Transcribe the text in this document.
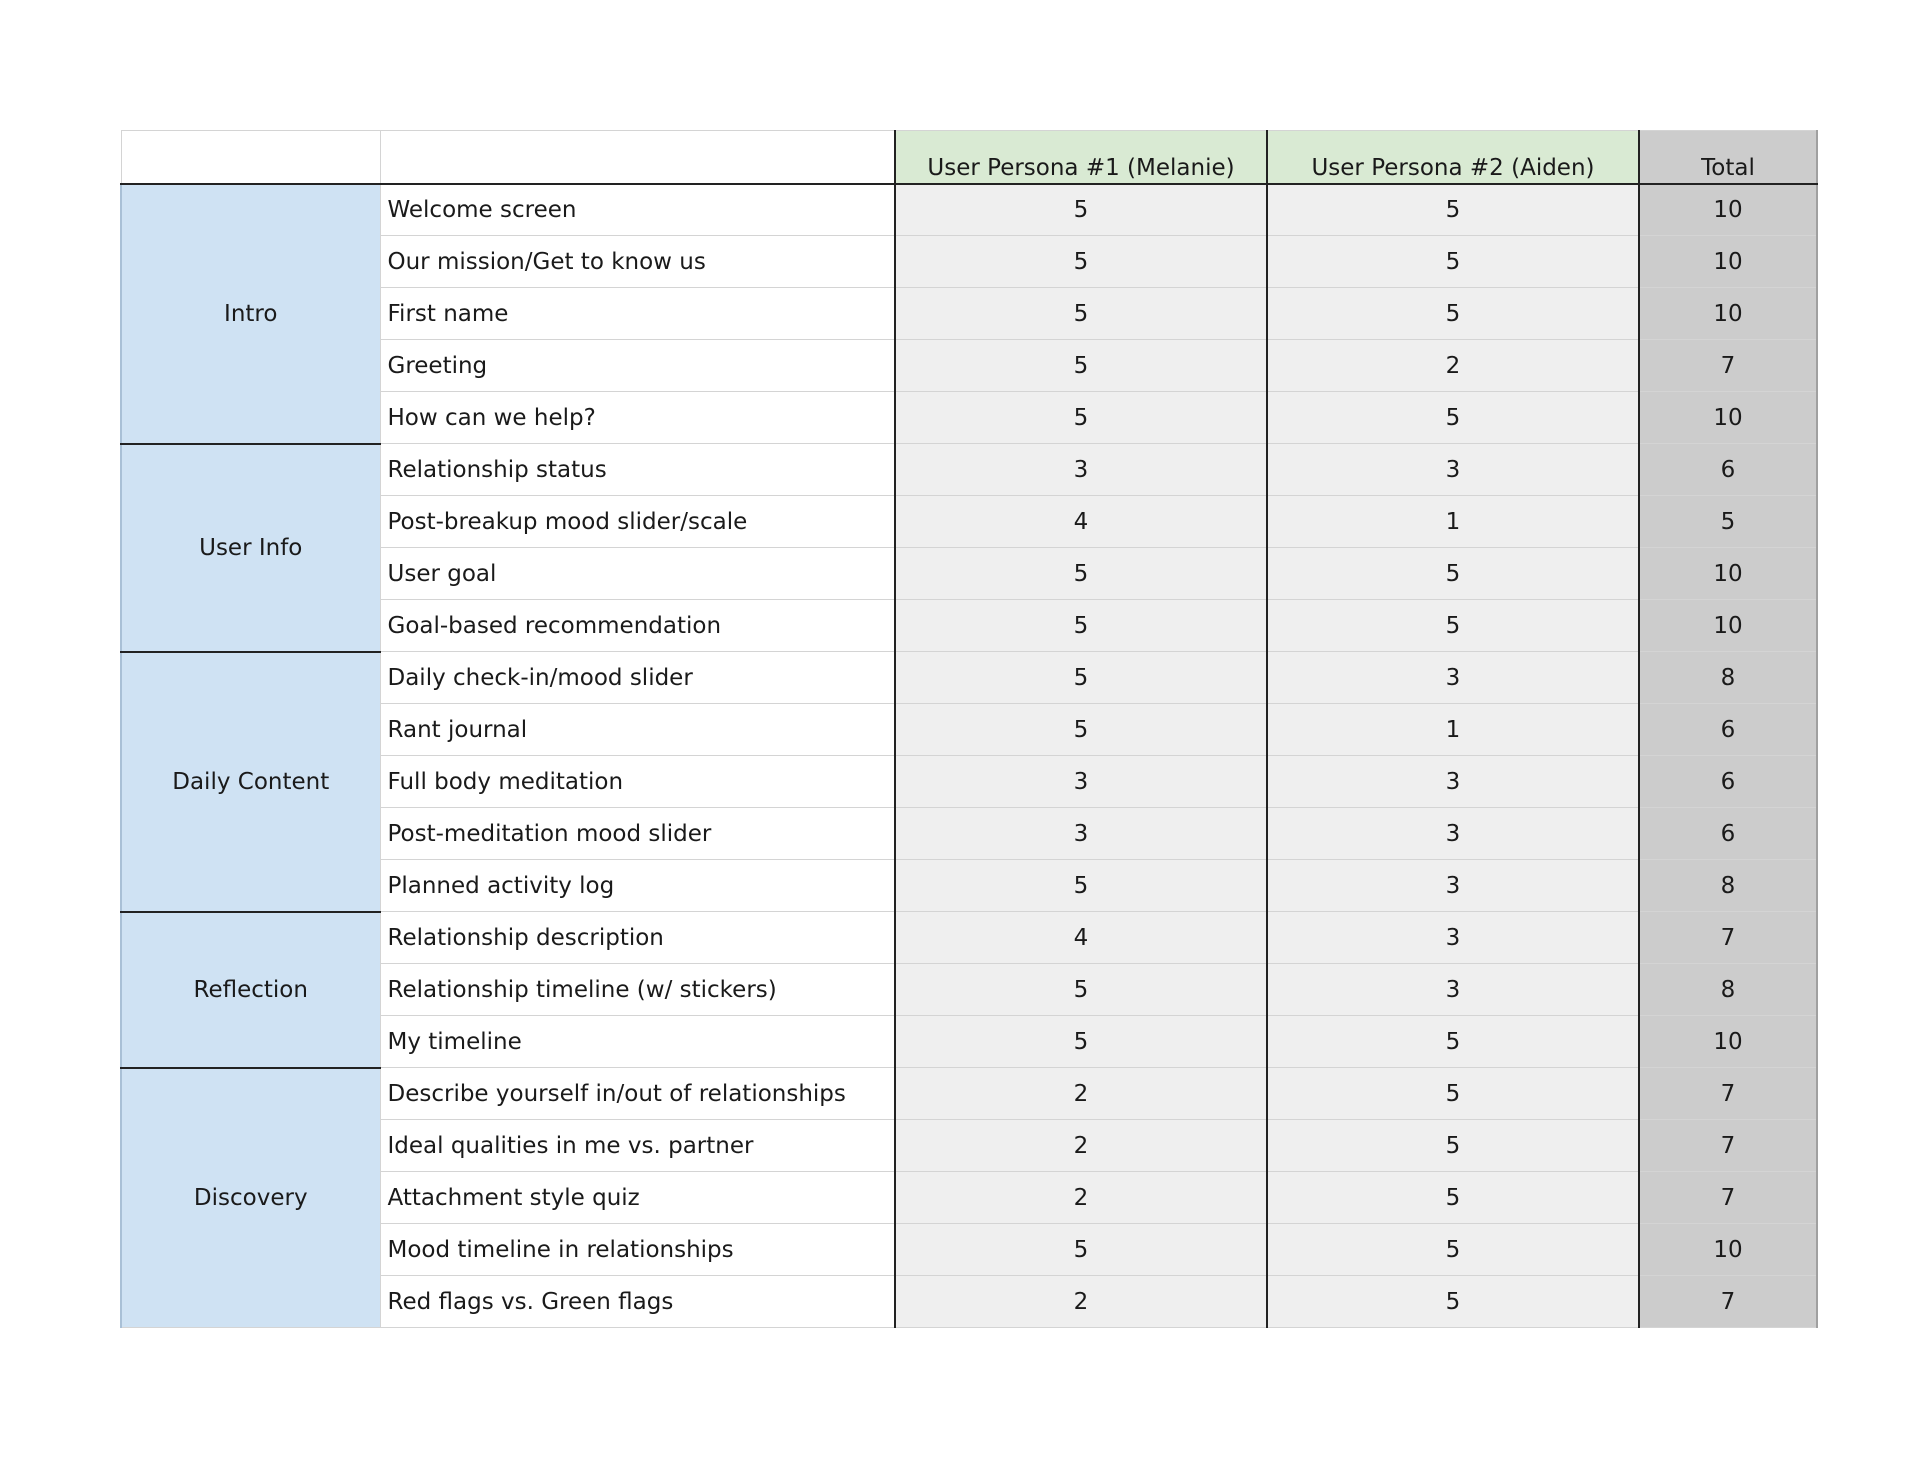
		User Persona #1 (Melanie)	User Persona #2 (Aiden)	Total
Intro	Welcome screen	5	5	10
	Our mission/Get to know us	5	5	10
	First name	5	5	10
	Greeting	5	2	7
	How can we help?	5	5	10
User Info	Relationship status	3	3	6
	Post-breakup mood slider/scale	4	1	5
	User goal	5	5	10
	Goal-based recommendation	5	5	10
Daily Content	Daily check-in/mood slider	5	3	8
	Rant journal	5	1	6
	Full body meditation	3	3	6
	Post-meditation mood slider	3	3	6
	Planned activity log	5	3	8
Reflection	Relationship description	4	3	7
	Relationship timeline (w/ stickers)	5	3	8
	My timeline	5	5	10
Discovery	Describe yourself in/out of relationships	2	5	7
	Ideal qualities in me vs. partner	2	5	7
	Attachment style quiz	2	5	7
	Mood timeline in relationships	5	5	10
	Red flags vs. Green flags	2	5	7
